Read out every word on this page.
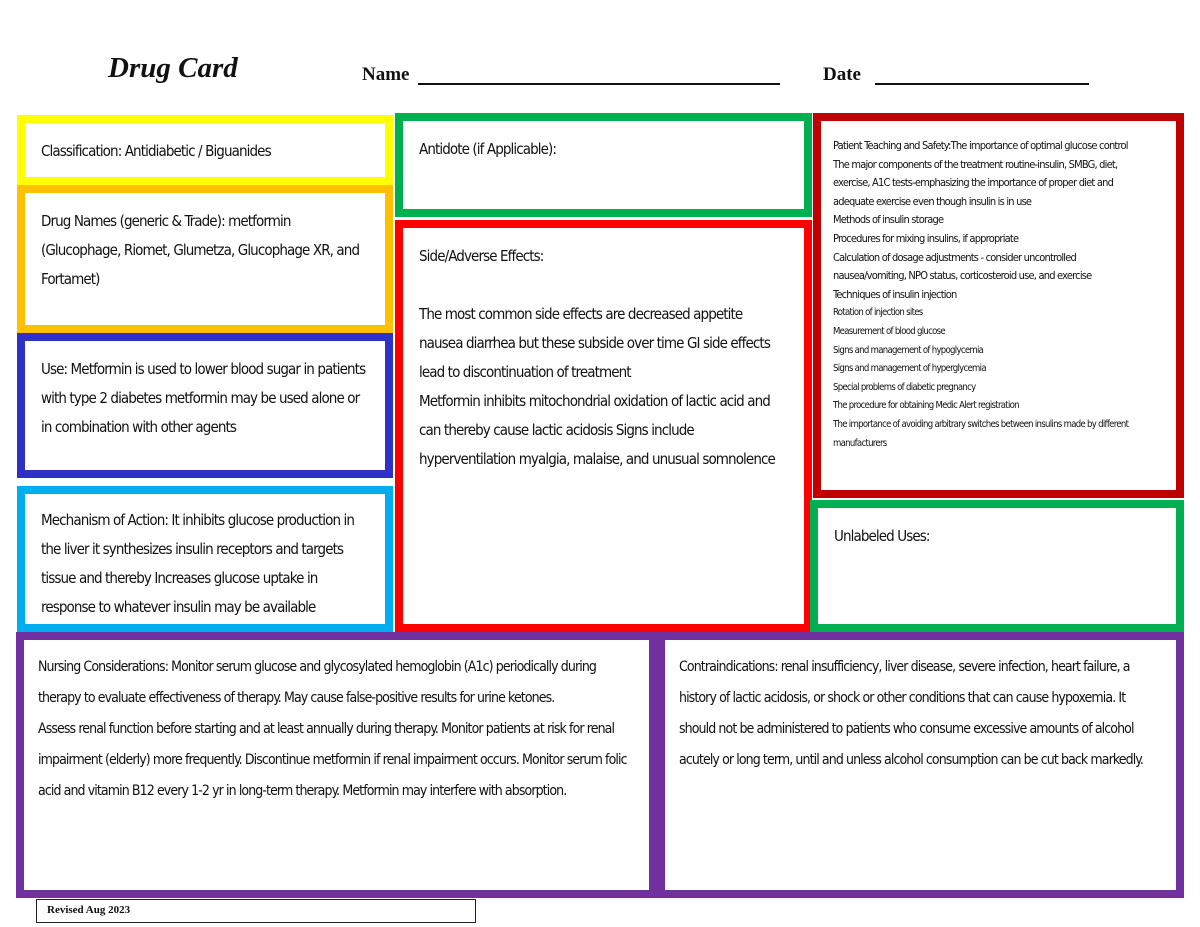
Drug Card	Name	Date
Classification: Antidiabetic / Biguanides
Drug Names (generic & Trade): metformin (Glucophage, Riomet, Glumetza, Glucophage XR, and Fortamet)
Use: Metformin is used to lower blood sugar in patients with type 2 diabetes metformin may be used alone or in combination with other agents
Mechanism of Action: It inhibits glucose production in the liver it synthesizes insulin receptors and targets tissue and thereby Increases glucose uptake in response to whatever insulin may be available
Antidote (if Applicable):
Side/Adverse Effects:

The most common side effects are decreased appetite nausea diarrhea but these subside over time GI side effects lead to discontinuation of treatment
Metformin inhibits mitochondrial oxidation of lactic acid and can thereby cause lactic acidosis Signs include hyperventilation myalgia, malaise, and unusual somnolence
Patient Teaching and Safety:The importance of optimal glucose control
The major components of the treatment routine-insulin, SMBG, diet,
exercise, A1C tests-emphasizing the importance of proper diet and
adequate exercise even though insulin is in use
Methods of insulin storage
Procedures for mixing insulins, if appropriate
Calculation of dosage adjustments - consider uncontrolled
nausea/vomiting, NPO status, corticosteroid use, and exercise
Techniques of insulin injection
Rotation of injection sites
Measurement of blood glucose
Signs and management of hypoglycemia
Signs and management of hyperglycemia
Special problems of diabetic pregnancy
The procedure for obtaining Medic Alert registration
The importance of avoiding arbitrary switches between insulins made by different
manufacturers
Unlabeled Uses:
Nursing Considerations: Monitor serum glucose and glycosylated hemoglobin (A1c) periodically during therapy to evaluate effectiveness of therapy. May cause false-positive results for urine ketones.
Assess renal function before starting and at least annually during therapy. Monitor patients at risk for renal impairment (elderly) more frequently. Discontinue metformin if renal impairment occurs. Monitor serum folic acid and vitamin B12 every 1-2 yr in long-term therapy. Metformin may interfere with absorption.
Contraindications: renal insufficiency, liver disease, severe infection, heart failure, a history of lactic acidosis, or shock or other conditions that can cause hypoxemia. It should not be administered to patients who consume excessive amounts of alcohol acutely or long term, until and unless alcohol consumption can be cut back markedly.
Revised Aug 2023
